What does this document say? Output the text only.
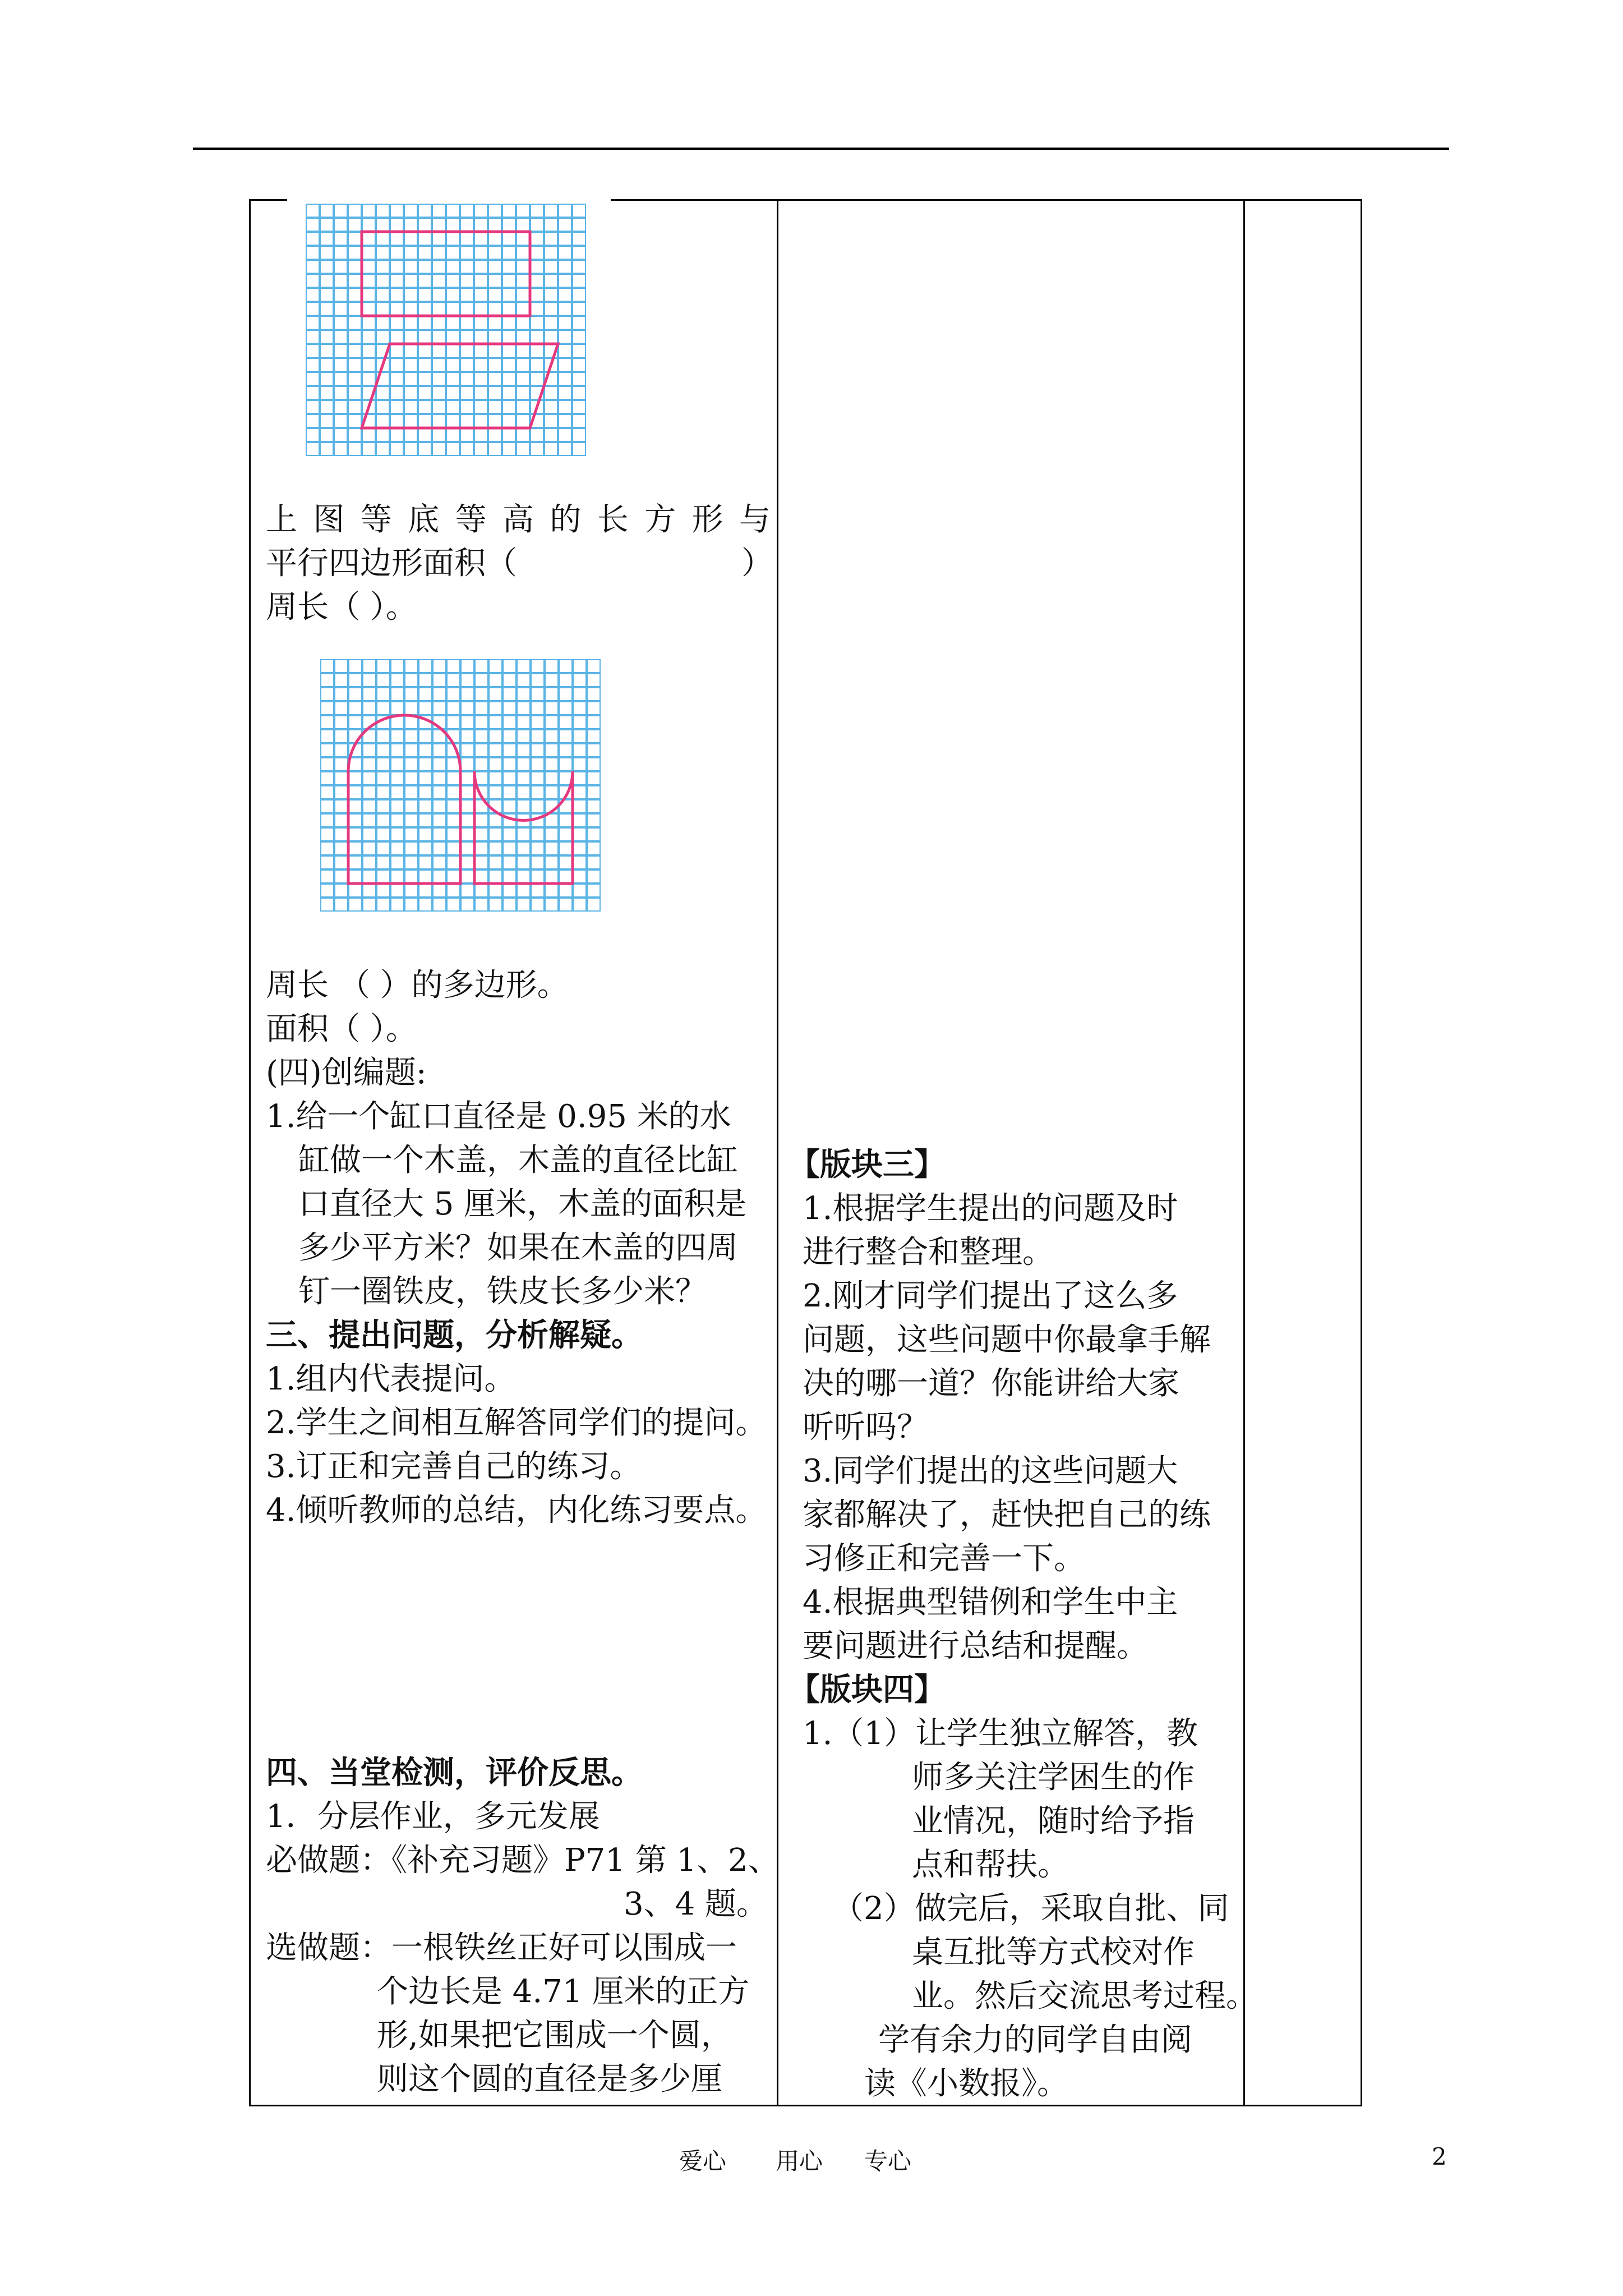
上图等底等高的长方形与
平行四边形面积（	）
周长（ ）。
周长 （ ）的多边形。
面积（ ）。
(四)创编题:
1.给一个缸口直径是 0.95 米的水
缸做一个木盖，木盖的直径比缸
口直径大 5 厘米，木盖的面积是
多少平方米？如果在木盖的四周
钉一圈铁皮，铁皮长多少米？
三、提出问题，分析解疑。
1.组内代表提问。
2.学生之间相互解答同学们的提问。
3.订正和完善自己的练习。
4.倾听教师的总结，内化练习要点。
四、当堂检测，评价反思。
1．分层作业，多元发展
必做题：《补充习题》P71 第 1、2、
3、4 题。
选做题：一根铁丝正好可以围成一
个边长是 4.71 厘米的正方
形,如果把它围成一个圆，
则这个圆的直径是多少厘
【版块三】
1.根据学生提出的问题及时
进行整合和整理。
2.刚才同学们提出了这么多
问题，这些问题中你最拿手解
决的哪一道？你能讲给大家
听听吗？
3.同学们提出的这些问题大
家都解决了，赶快把自己的练
习修正和完善一下。
4.根据典型错例和学生中主
要问题进行总结和提醒。
【版块四】
1.（1）让学生独立解答，教
师多关注学困生的作
业情况，随时给予指
点和帮扶。
（2）做完后，采取自批、同
桌互批等方式校对作
业。然后交流思考过程。
学有余力的同学自由阅
读《小数报》。
爱心 用心 专心	2
